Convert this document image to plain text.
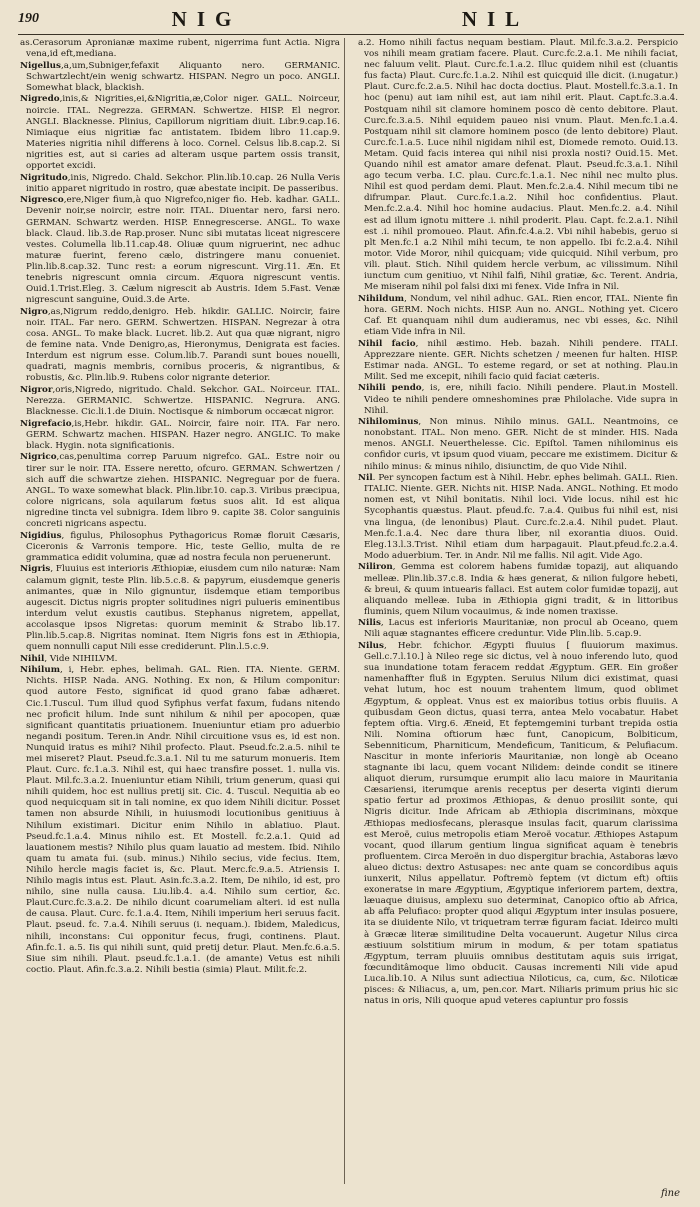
190	NIG	NIL

as.Cerasorum Apronianæ maxime rubent, nigerrima funt Actia. Nigra vena,id eft,mediana.

Nigellus,a,um,Subniger,fefaxit Aliquanto nero. GERMANIC. Schwartzlecht/ein wenig schwartz. HISPAN. Negro un poco. ANGLI. Somewhat black, blackish.

Nigredo,inis,& Nigrities,ei,&Nigritia,æ,Color niger. GALL. Noirceur, noircie. ITAL. Negrezza. GERMAN. Schwertze. HISP. El negror. ANGLI. Blacknesse. Plinius, Capillorum nigritiam diuit. Libr.9.cap.16. Nimiaque eius nigritiæ fac antistatem. Ibidem libro 11.cap.9. Materies nigritia nihil differens à loco. Cornel. Celsus lib.8.cap.2. Si nigrities est, aut si caries ad alteram usque partem ossis transit, opportet excidi.

Nigritudo,inis, Nigredo. Chald. Sekchor. Plin.lib.10.cap. 26 Nulla Veris initio apparet nigritudo in rostro, quæ abestate incipit. De passeribus.

Nigresco,ere,Niger fium,à quo Nigrefco,niger fio. Heb. kadhar. GALL. Devenir noir,se noircir, estre noir. ITAL. Diuentar nero, farsi nero. GERMAN. Schwartz werden. HISP. Ennegrescerse. ANGL. To waxe black. Claud. lib.3.de Rap.proser. Nunc sibi mutatas liceat nigrescere vestes. Columella lib.11.cap.48. Oliuæ quum nigruerint, nec adhuc maturæ fuerint, fereno cælo, distringere manu conueniet. Plin.lib.8.cap.32. Tunc rest: a eorum nigrescunt. Virg.11. Æn. Et tenebris nigrescunt omnia circum. Æquora nigrescunt ventis. Ouid.1.Trist.Eleg. 3. Cælum nigrescit ab Austris. Idem 5.Fast. Venæ nigrescunt sanguine, Ouid.3.de Arte.

Nigro,as,Nigrum reddo,denigro. Heb. hikdir. GALLIC. Noircir, faire noir. ITAL. Far nero. GERM. Schwertzen. HISPAN. Negrezar à otra cosa. ANGL. To make black. Lucret. lib.2. Aut qua quæ nigrant, nigro de femine nata. Vnde Denigro,as, Hieronymus, Denigrata est facies. Interdum est nigrum esse. Colum.lib.7. Parandi sunt boues nouelli, quadrati, magnis membris, cornibus proceris, & nigrantibus, & robustis, &c. Plin.lib.9. Rubens color nigrante deterior.

Nigror,oris,Nigredo, nigritudo. Chald. Sekchor. GAL. Noirceur. ITAL. Nerezza. GERMANIC. Schwertze. HISPANIC. Negrura. ANG. Blacknesse. Cic.li.1.de Diuin. Noctisque & nimborum occæcat nigror.

Nigrefacio,is,Hebr. hikdir. GAL. Noircir, faire noir. ITA. Far nero. GERM. Schwartz machen. HISPAN. Hazer negro. ANGLIC. To make black. Hygin. nota significationis.

Nigrico,cas,penultima correp Paruum nigrefco. GAL. Estre noir ou tirer sur le noir. ITA. Essere neretto, ofcuro. GERMAN. Schwertzen / sich auff die schwartze ziehen. HISPANIC. Negreguar por de fuera. ANGL. To waxe somewhat black. Plin.libr.10. cap.3. Viribus præcipua, colore nigricans, sola aquilarum fœtus suos alit. Id est aliqua nigredine tincta vel subnigra. Idem libro 9. capite 38. Color sanguinis concreti nigricans aspectu.

Nigidius, figulus, Philosophus Pythagoricus Romæ floruit Cæsaris, Ciceronis & Varronis tempore. Hic, teste Gellio, multa de re grammatica edidit volumina, quæ ad nostra fecula non peruenerunt.

Nigris, Fluuius est interioris Æthiopiæ, eiusdem cum nilo naturæ: Nam calamum gignit, teste Plin. lib.5.c.8. & papyrum, eiusdemque generis animantes, quæ in Nilo gignuntur, iisdemque etiam temporibus augescit. Dictus nigris propter solitudines nigri pulueris eminentibus interdum velut exustis cautibus. Stephanus nigretem, appellat, accolasque ipsos Nigretas: quorum meminit & Strabo lib.17. Plin.lib.5.cap.8. Nigritas nominat. Item Nigris fons est in Æthiopia, quem nonnulli caput Nili esse crediderunt. Plin.l.5.c.9.

Nihil, Vide NIHILVM.

Nihilum, i, Hebr. ephes, belimah. GAL. Rien. ITA. Niente. GERM. Nichts. HISP. Nada. ANG. Nothing. Ex non, & Hilum componitur: quod autore Festo, significat id quod grano fabæ adhæret. Cic.1.Tuscul. Tum illud quod Syfiphus verfat faxum, fudans nitendo nec proficit hilum. Inde sunt nihilum & nihil per apocopen, quæ significant quantitatis priuationem. Inueniuntur etiam pro aduerbio negandi positum. Teren.in Andr. Nihil circuitione vsus es, id est non. Nunquid iratus es mihi? Nihil profecto. Plaut. Pseud.fc.2.a.5. nihil te mei miseret? Plaut. Pseud.fc.3.a.1. Nil tu me saturum monueris. Item Plaut. Curc. fc.1.a.3. Nihil est, qui haec transfire posset. 1. nulla vis. Plaut. Mil.fc.3.a.2. Inueniuntur etiam Nihili, trium generum, quasi qui nihili quidem, hoc est nullius pretij sit. Cic. 4. Tuscul. Nequitia ab eo quod nequicquam sit in tali nomine, ex quo idem Nihili dicitur. Posset tamen non absurde Nihili, in huiusmodi locutionibus genitiuus à Nihilum existimari. Dicitur enim Nihilo in ablatiuo. Plaut. Pseud.fc.1.a.4. Minus nihilo est. Et Mostell. fc.2.a.1. Quid ad lauationem mestis? Nihilo plus quam lauatio ad mestem. Ibid. Nihilo quam tu amata fui. (sub. minus.) Nihilo secius, vide fecius. Item, Nihilo hercle magis faciet is, &c. Plaut. Merc.fc.9.a.5. Atriensis I. Nihilo magis intus est. Plaut. Asin.fc.3.a.2. Item, De nihilo, id est, pro nihilo, sine nulla causa. Liu.lib.4. a.4. Nihilo sum certior, &c. Plaut.Curc.fc.3.a.2. De nihilo dicunt coarumeliam alteri. id est nulla de causa. Plaut. Curc. fc.1.a.4. Item, Nihili imperium heri seruus facit. Plaut. pseud. fc. 7.a.4. Nihili seruus (i. nequam.). Ibidem, Maledicus, nihili, inconstans: Cui opponitur fecus, frugi, continens. Plaut. Afin.fc.1. a.5. Iis qui nihili sunt, quid pretij detur. Plaut. Men.fc.6.a.5. Siue sim nihili. Plaut. pseud.fc.1.a.1. (de amante) Vetus est nihili coctio. Plaut. Afin.fc.3.a.2. Nihili bestia (simia) Plaut. Milit.fc.2.

a.2. Homo nihili factus nequam bestiam. Plaut. Mil.fc.3.a.2. Perspicio vos nihili meam gratiam facere. Plaut. Curc.fc.2.a.1. Me nihili faciat, nec faluum velit. Plaut. Curc.fc.1.a.2. Illuc quidem nihil est (cluantis fus facta) Plaut. Curc.fc.1.a.2. Nihil est quicquid ille dicit. (i.nugatur.) Plaut. Curc.fc.2.a.5. Nihil hac docta doctius. Plaut. Mostell.fc.3.a.1. In hoc (penu) aut iam nihil est, aut iam nihil erit. Plaut. Capt.fc.3.a.4. Postquam nihil sit clamore hominem posco dè cento debitore. Plaut. Curc.fc.3.a.5. Nihil equidem paueo nisi vnum. Plaut. Men.fc.1.a.4. Postquam nihil sit clamore hominem posco (de lento debitore) Plaut. Curc.fc.1.a.5. Luce nihil nigidam nihil est, Diomede remoto. Ouid.13. Metam. Quid facis interea qui nihil nisi proxla nosti? Ouid.15. Met. Quando nihil est amator amare defenat. Plaut. Pseud.fc.3.a.1. Nihil ago tecum verba. I.C. plau. Curc.fc.1.a.1. Nec nihil nec multo plus. Nihil est quod perdam demi. Plaut. Men.fc.2.a.4. Nihil mecum tibi ne difrumpar. Plaut. Curc.fc.1.a.2. Nihil hoc confidentius. Plaut. Men.fc.2.a.4. Nihil hoc homine audacius. Plaut. Men.fc.2. a.4. Nihil est ad illum ignotu mittere .i. nihil proderit. Plau. Capt. fc.2.a.1. Nihil est .i. nihil promoueo. Plaut. Afin.fc.4.a.2. Vbi nihil habebis, geruo si plt Men.fc.1 a.2 Nihil mihi tecum, te non appello. Ibi fc.2.a.4. Nihil motor. Vide Moror, nihil quicquam; vide quicquid. Nihil verbum, pro vili. plaut. Stich. Nihil quidem hercle verbum, ac vilissimum. Nihil iunctum cum genitiuo, vt Nihil falfi, Nihil gratiæ, &c. Terent. Andria, Me miseram nihil pol falsi dixi mi fenex. Vide Infra in Nil.

Nihildum, Nondum, vel nihil adhuc. GAL. Rien encor, ITAL. Niente fin hora. GERM. Noch nichts. HISP. Aun no. ANGL. Nothing yet. Cicero Caf. Et quanquam nihil dum audieramus, nec vbi esses, &c. Nihil etiam Vide infra in Nil.

Nihil facio, nihil æstimo. Heb. bazah. Nihili pendere. ITALI. Apprezzare niente. GER. Nichts schetzen / meenen fur halten. HISP. Estimar nada. ANGL. To esteme regard, or set at nothing. Plau.in Milit. Sed me excepit, nihili facio quid faciat cæteris.

Nihili pendo, is, ere, nihili facio. Nihili pendere. Plaut.in Mostell. Video te nihili pendere omneshomines præ Philolache. Vide supra in Nihil.

Nihilominus, Non minus. Nihilo minus. GALL. Neantmoins, ce nonobstant. ITAL. Non meno. GER. Nicht de st minder. HIS. Nada menos. ANGLI. Neuerthelesse. Cic. Epiſtol. Tamen nihilominus eis confidor curis, vt ipsum quod viuam, peccare me existimem. Dicitur & nihilo minus: & minus nihilo, disiunctim, de quo Vide Nihil.

Nil. Per syncopen factum est à Nihil. Hebr. ephes belimah. GALL. Rien. ITALIC. Niente. GER. Nichts nit. HISP. Nada. ANGL. Nothing. Et modo nomen est, vt Nihil bonitatis. Nihil loci. Vide locus. nihil est hic Sycophantis quæstus. Plaut. pfeud.fc. 7.a.4. Quibus fui nihil est, nisi vna lingua, (de lenonibus) Plaut. Curc.fc.2.a.4. Nihil pudet. Plaut. Men.fc.1.a.4. Nec dare thura liber, nil exorantia diuos. Ouid. Eleg.13.l.3.Trist. Nihil etiam dum harpagauit. Plaut.pfeud.fc.2.a.4. Modo aduerbium. Ter. in Andr. Nil me fallis. Nil agit. Vide Ago.

Niliron, Gemma est colorem habens fumidæ topazij, aut aliquando melleæ. Plin.lib.37.c.8. India & hæs generat, & nilion fulgore hebeti, & breui, & quum intuearis fallaci. Est autem color fumidæ topazij, aut aliquando melleæ. Iuba in Æthiopia gigni tradit, & in littoribus fluminis, quem Nilum vocauimus, & inde nomen traxisse.

Nilis, Lacus est inferioris Mauritaniæ, non procul ab Oceano, quem Nili aquæ stagnantes efficere creduntur. Vide Plin.lib. 5.cap.9.

Nilus, Hebr. fchichor. Ægypti fluuius [ fluuiorum maximus. Gell.c.7.l.10.] à Nileo rege sic dictus, vel à nouo inferendo luto, quod sua inundatione totam feracem reddat Ægyptum. GER. Ein großer namenhaffter fluß in Egypten. Seruius Nilum dici existimat, quasi vehat lutum, hoc est nouum trahentem limum, quod oblimet Ægyptum, & oppleat. Vnus est ex maioribus totius orbis fluuiis. A quibusdam Geon dictus, quasi terra, antea Melo vocabatur. Habet feptem oftia. Virg.6. Æneid, Et feptemgemini turbant trepida ostia Nili. Nomina oftiorum hæc funt, Canopicum, Bolbiticum, Sebenniticum, Pharniticum, Mendeficum, Taniticum, & Pelufiacum. Nascitur in monte inferioris Mauritaniæ, non longè ab Oceano stagnante ibi lacu, quem vocant Nilidem: deinde condit se itinere aliquot dierum, rursumque erumpit alio lacu maiore in Mauritania Cæsariensi, iterumque arenis receptus per deserta viginti dierum spatio fertur ad proximos Æthiopas, & denuo prosiliit sonte, qui Nigris dicitur. Inde Africam ab Æthiopia discriminans, mòxque Æthiopas mediosfecans, plerasque insulas facit, quarum clarissima est Meroë, cuius metropolis etiam Meroë vocatur. Æthiopes Astapum vocant, quod illarum gentium lingua significat aquam è tenebris profluentem. Circa Meroën in duo dispergitur brachia, Astaboras lævo alueo dictus: dextro Astusapes: nec ante quam se concordibus aquis iunxerit, Nilus appellatur. Poftremò feptem (vt dictum eft) oftiis exoneratse in mare Ægyptium, Ægyptique inferiorem partem, dextra, læuaque diuisus, amplexu suo determinat, Canopico oftio ab Africa, ab affa Pelufiaco: propter quod aliqui Ægyptum inter insulas posuere, ita se diuidente Nilo, vt triquetram terræ figuram faciat. Ideirco multi à Græcæ literæ similitudine Delta vocauerunt. Augetur Nilus circa æstiuum solstitium mirum in modum, & per totam spatiatus Ægyptum, terram pluuiis omnibus destitutam aquis suis irrigat, fœcunditâmoque limo obducit. Causas incrementi Nili vide apud Luca.lib.10. A Nilus sunt adiectiua Niloticus, ca, cum, &c. Niloticæ pisces: & Niliacus, a, um, pen.cor. Mart. Niliaris primum prius hic sic natus in oris, Nili quoque apud veteres capiuntur pro fossis

fine
